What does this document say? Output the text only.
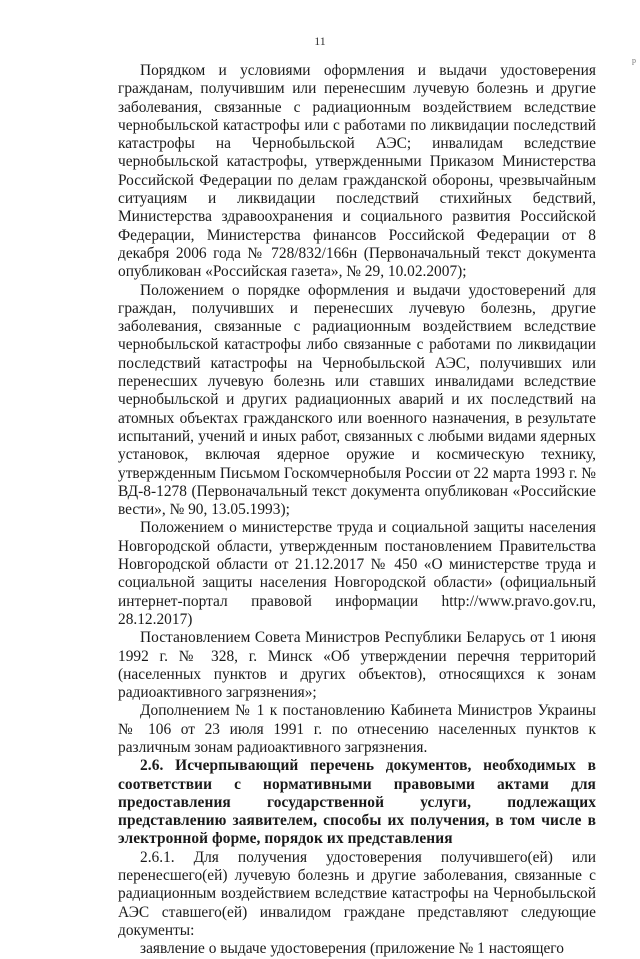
11
р

Порядком и условиями оформления и выдачи удостоверения гражданам, получившим или перенесшим лучевую болезнь и другие заболевания, связанные с радиационным воздействием вследствие чернобыльской катастрофы или с работами по ликвидации последствий катастрофы на Чернобыльской АЭС; инвалидам вследствие чернобыльской катастрофы, утвержденными Приказом Министерства Российской Федерации по делам гражданской обороны, чрезвычайным ситуациям и ликвидации последствий стихийных бедствий, Министерства здравоохранения и социального развития Российской Федерации, Министерства финансов Российской Федерации от 8 декабря 2006 года № 728/832/166н (Первоначальный текст документа опубликован «Российская газета», № 29, 10.02.2007);

Положением о порядке оформления и выдачи удостоверений для граждан, получивших и перенесших лучевую болезнь, другие заболевания, связанные с радиационным воздействием вследствие чернобыльской катастрофы либо связанные с работами по ликвидации последствий катастрофы на Чернобыльской АЭС, получивших или перенесших лучевую болезнь или ставших инвалидами вследствие чернобыльской и других радиационных аварий и их последствий на атомных объектах гражданского или военного назначения, в результате испытаний, учений и иных работ, связанных с любыми видами ядерных установок, включая ядерное оружие и космическую технику, утвержденным Письмом Госкомчернобыля России от 22 марта 1993 г. № ВД-8-1278 (Первоначальный текст документа опубликован «Российские вести», № 90, 13.05.1993);

Положением о министерстве труда и социальной защиты населения Новгородской области, утвержденным постановлением Правительства Новгородской области от 21.12.2017 № 450 «О министерстве труда и социальной защиты населения Новгородской области» (официальный интернет-портал правовой информации http://www.pravo.gov.ru, 28.12.2017)

Постановлением Совета Министров Республики Беларусь от 1 июня 1992 г. № 328, г. Минск «Об утверждении перечня территорий (населенных пунктов и других объектов), относящихся к зонам радиоактивного загрязнения»;

Дополнением № 1 к постановлению Кабинета Министров Украины № 106 от 23 июля 1991 г. по отнесению населенных пунктов к различным зонам радиоактивного загрязнения.

2.6. Исчерпывающий перечень документов, необходимых в соответствии с нормативными правовыми актами для предоставления государственной услуги, подлежащих представлению заявителем, способы их получения, в том числе в электронной форме, порядок их представления

2.6.1. Для получения удостоверения получившего(ей) или перенесшего(ей) лучевую болезнь и другие заболевания, связанные с радиационным воздействием вследствие катастрофы на Чернобыльской АЭС ставшего(ей) инвалидом граждане представляют следующие документы:

заявление о выдаче удостоверения (приложение № 1 настоящего
